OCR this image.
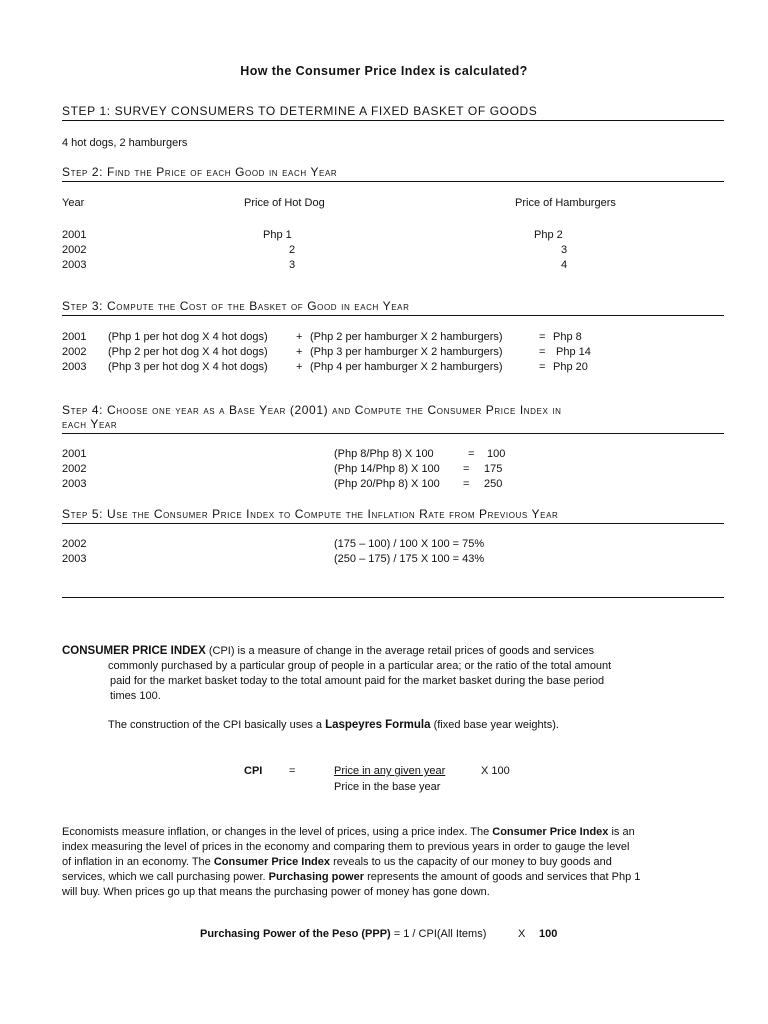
How the Consumer Price Index is calculated?
STEP 1: SURVEY CONSUMERS TO DETERMINE A FIXED BASKET OF GOODS
4 hot dogs, 2 hamburgers
Step 2: Find the Price of each Good in each Year
Year	Price of Hot Dog	Price of Hamburgers
2001	Php 1	Php 2
2002	2	3
2003	3	4
Step 3: Compute the Cost of the Basket of Good in each Year
2001 (Php 1 per hot dog X 4 hot dogs)	+ (Php 2 per hamburger X 2 hamburgers)	= Php 8
2002 (Php 2 per hot dog X 4 hot dogs)	+ (Php 3 per hamburger X 2 hamburgers)	= Php 14
2003 (Php 3 per hot dog X 4 hot dogs)	+ (Php 4 per hamburger X 2 hamburgers)	= Php 20
Step 4: Choose one year as a Base Year (2001) and Compute the Consumer Price Index in
each Year
2001	(Php 8/Php 8) X 100	= 100
2002	(Php 14/Php 8) X 100 = 175
2003	(Php 20/Php 8) X 100 = 250
Step 5: Use the Consumer Price Index to Compute the Inflation Rate from Previous Year
2002	(175 – 100) / 100 X 100 = 75%
2003	(250 – 175) / 175 X 100 = 43%
CONSUMER PRICE INDEX (CPI) is a measure of change in the average retail prices of goods and services
commonly purchased by a particular group of people in a particular area; or the ratio of the total amount
paid for the market basket today to the total amount paid for the market basket during the base period
times 100.
The construction of the CPI basically uses a Laspeyres Formula (fixed base year weights).
CPI =	Price in any given year	X 100
Price in the base year
Economists measure inflation, or changes in the level of prices, using a price index. The Consumer Price Index is an
index measuring the level of prices in the economy and comparing them to previous years in order to gauge the level
of inflation in an economy. The Consumer Price Index reveals to us the capacity of our money to buy goods and
services, which we call purchasing power. Purchasing power represents the amount of goods and services that Php 1
will buy. When prices go up that means the purchasing power of money has gone down.
Purchasing Power of the Peso (PPP) = 1 / CPI(All Items)	X 100
